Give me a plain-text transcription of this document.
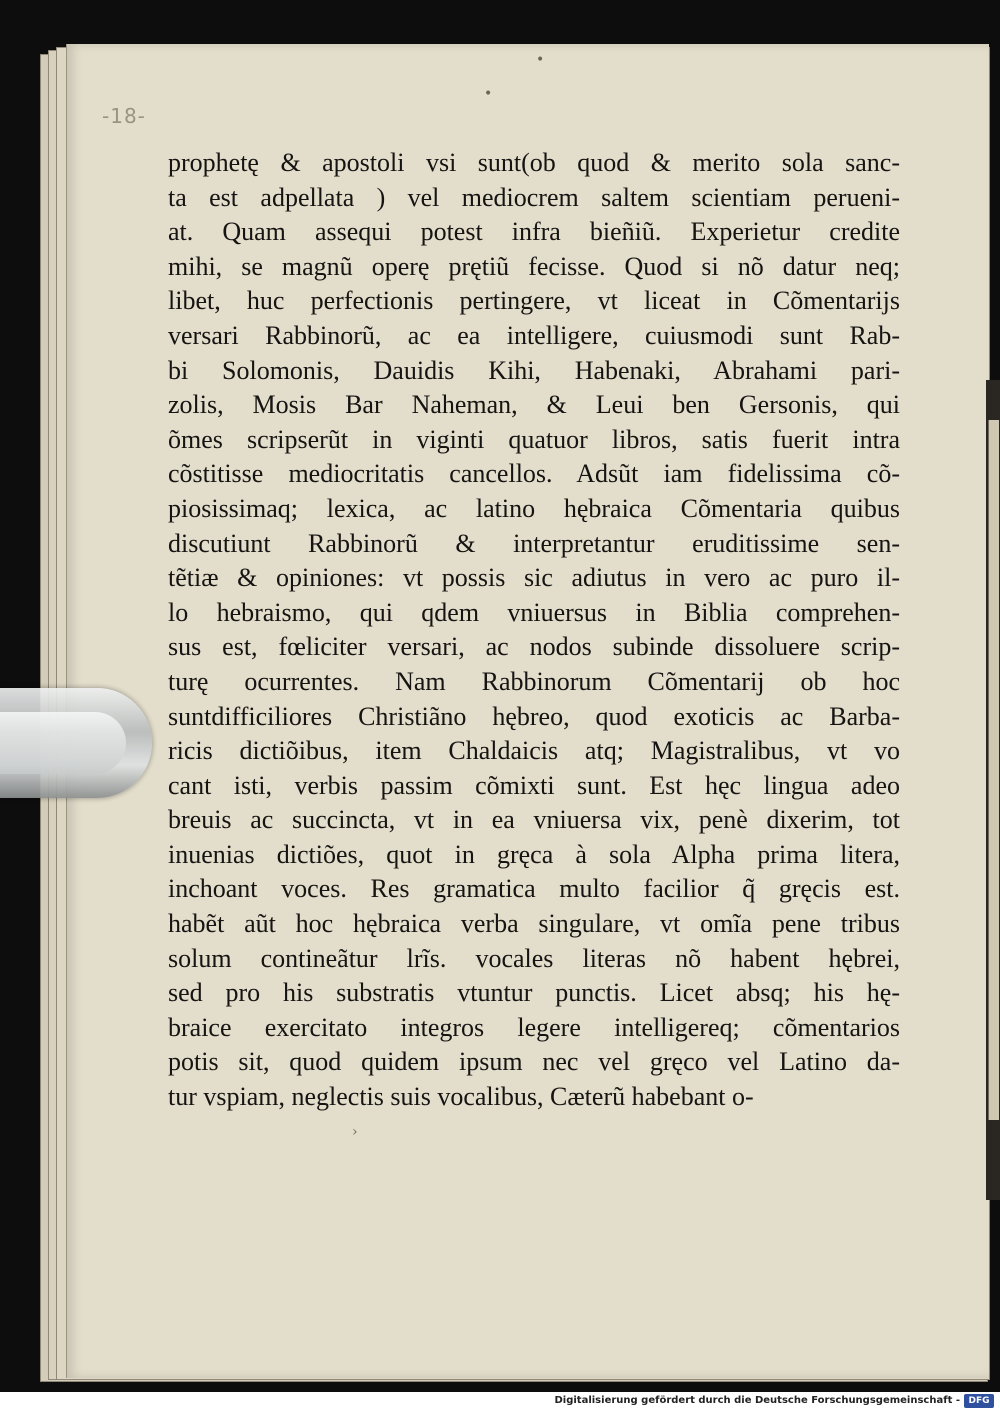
-18-
prophetę & apostoli vsi sunt(ob quod & merito sola sanc-
ta est adpellata ) vel mediocrem saltem scientiam perueni-
at. Quam assequi potest infra bieñiũ. Experietur credite
mihi, se magnũ operę prętiũ fecisse. Quod si nõ datur neq;
libet, huc perfectionis pertingere, vt liceat in Cõmentarijs
versari Rabbinorũ, ac ea intelligere, cuiusmodi sunt Rab-
bi Solomonis, Dauidis Kihi, Habenaki, Abrahami pari-
zolis, Mosis Bar Naheman, & Leui ben Gersonis, qui
õmes scripserũt in viginti quatuor libros, satis fuerit intra
cõstitisse mediocritatis cancellos. Adsũt iam fidelissima cõ-
piosissimaq; lexica, ac latino hębraica Cõmentaria quibus
discutiunt Rabbinorũ & interpretantur eruditissime sen-
tẽtiæ & opiniones: vt possis sic adiutus in vero ac puro il-
lo hebraismo, qui qdem vniuersus in Biblia comprehen-
sus est, fœliciter versari, ac nodos subinde dissoluere scrip-
turę ocurrentes. Nam Rabbinorum Cõmentarij ob hoc
suntdifficiliores Christiãno hębreo, quod exoticis ac Barba-
ricis dictiõibus, item Chaldaicis atq; Magistralibus, vt vo
cant isti, verbis passim cõmixti sunt. Est hęc lingua adeo
breuis ac succincta, vt in ea vniuersa vix, penè dixerim, tot
inuenias dictiões, quot in gręca à sola Alpha prima litera,
inchoant voces. Res gramatica multo facilior q̃ gręcis est.
habẽt aũt hoc hębraica verba singulare, vt omĩa pene tribus
solum contineãtur lrĩs. vocales literas nõ habent hębrei,
sed pro his substratis vtuntur punctis. Licet absq; his hę-
braice exercitato integros legere intelligereq; cõmentarios
potis sit, quod quidem ipsum nec vel gręco vel Latino da-
tur vspiam, neglectis suis vocalibus, Cæterũ habebant o-
•
•
›
Digitalisierung gefördert durch die Deutsche Forschungsgemeinschaft - DFG
